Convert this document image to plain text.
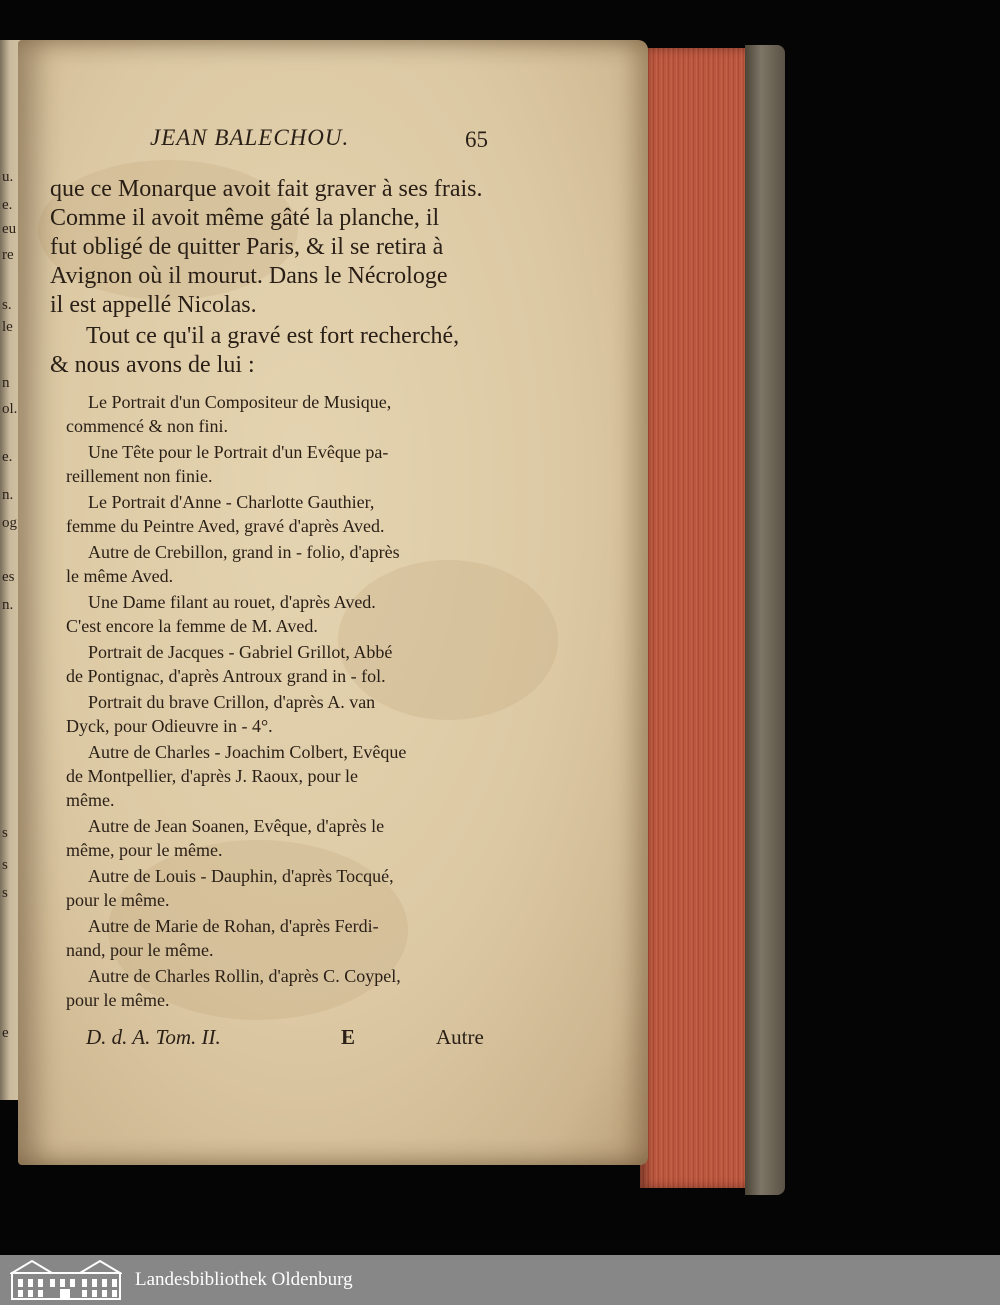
u.
e.
eu
re
s.
le
n
ol.
e.
n.
og
es
n.
s
s
s
e
JEAN BALECHOU.	65
que ce Monarque avoit fait graver à ses frais.
Comme il avoit même gâté la planche, il
fut obligé de quitter Paris, & il se retira à
Avignon où il mourut. Dans le Nécrologe
il est appellé Nicolas.
Tout ce qu'il a gravé est fort recherché,
& nous avons de lui :
Le Portrait d'un Compositeur de Musique,
commencé & non fini.
Une Tête pour le Portrait d'un Evêque pa-
reillement non finie.
Le Portrait d'Anne - Charlotte Gauthier,
femme du Peintre Aved, gravé d'après Aved.
Autre de Crebillon, grand in - folio, d'après
le même Aved.
Une Dame filant au rouet, d'après Aved.
C'est encore la femme de M. Aved.
Portrait de Jacques - Gabriel Grillot, Abbé
de Pontignac, d'après Antroux grand in - fol.
Portrait du brave Crillon, d'après A. van
Dyck, pour Odieuvre in - 4°.
Autre de Charles - Joachim Colbert, Evêque
de Montpellier, d'après J. Raoux, pour le
même.
Autre de Jean Soanen, Evêque, d'après le
même, pour le même.
Autre de Louis - Dauphin, d'après Tocqué,
pour le même.
Autre de Marie de Rohan, d'après Ferdi-
nand, pour le même.
Autre de Charles Rollin, d'après C. Coypel,
pour le même.
D. d. A. Tom. II.	E	Autre
Landesbibliothek Oldenburg
